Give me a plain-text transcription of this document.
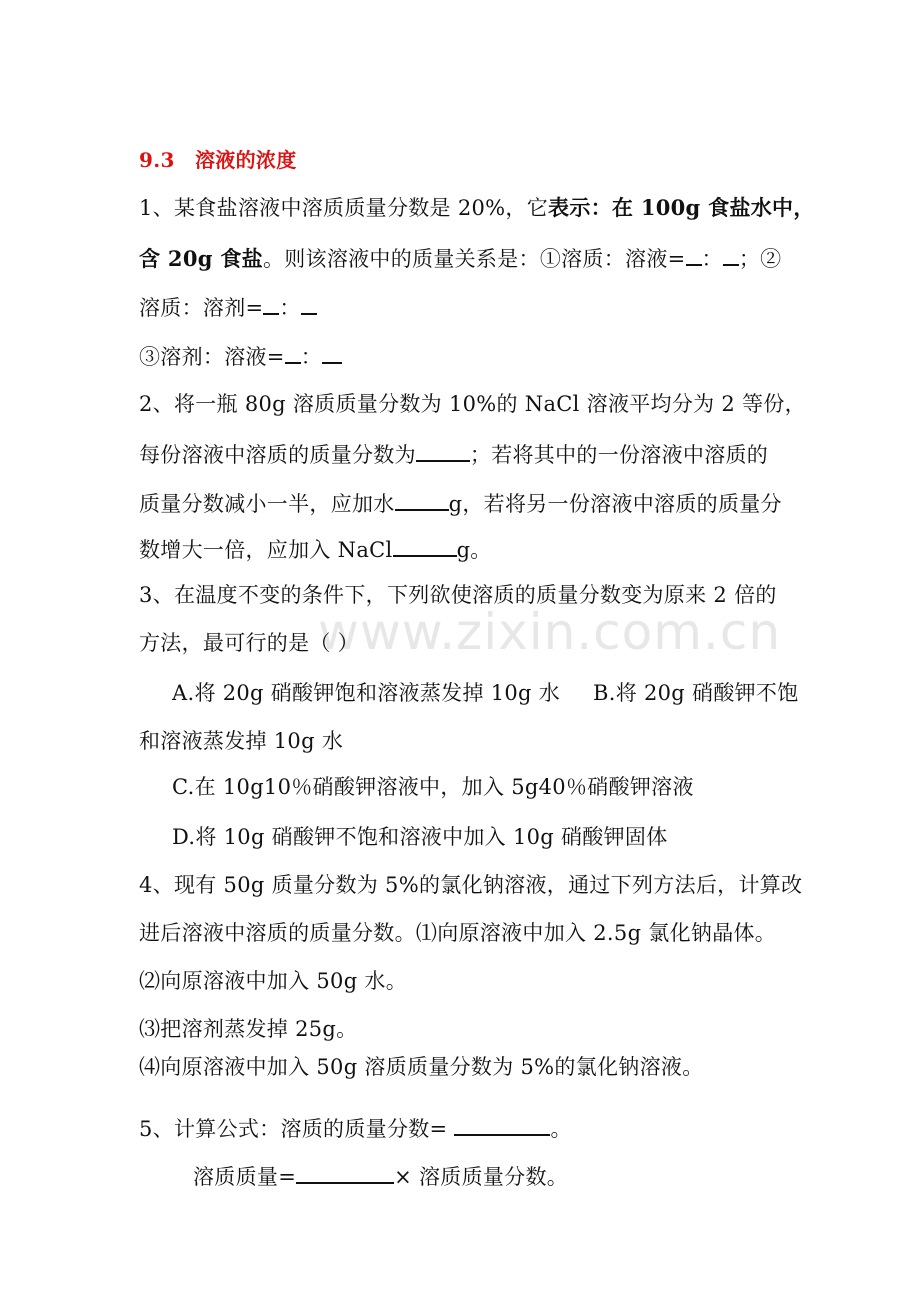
www.zixin.com.cn
9.3　溶液的浓度
1、某食盐溶液中溶质质量分数是 20%，它表示：在 100g 食盐水中，
含 20g 食盐。则该溶液中的质量关系是：①溶质：溶液= ： ；②
溶质：溶剂= ：
③溶剂：溶液= ：
2、将一瓶 80g 溶质质量分数为 10%的 NaCl 溶液平均分为 2 等份，
每份溶液中溶质的质量分数为	；若将其中的一份溶液中溶质的
质量分数减小一半，应加水	g，若将另一份溶液中溶质的质量分
数增大一倍，应加入 NaCl	g。
3、在温度不变的条件下，下列欲使溶质的质量分数变为原来 2 倍的
方法，最可行的是（ ）
A.将 20g 硝酸钾饱和溶液蒸发掉 10g 水 B.将 20g 硝酸钾不饱
和溶液蒸发掉 10g 水
C.在 10g10％硝酸钾溶液中，加入 5g40％硝酸钾溶液
D.将 10g 硝酸钾不饱和溶液中加入 10g 硝酸钾固体
4、现有 50g 质量分数为 5%的氯化钠溶液，通过下列方法后，计算改
进后溶液中溶质的质量分数。⑴向原溶液中加入 2.5g 氯化钠晶体。
⑵向原溶液中加入 50g 水。
⑶把溶剂蒸发掉 25g。
⑷向原溶液中加入 50g 溶质质量分数为 5%的氯化钠溶液。
5、计算公式：溶质的质量分数=	。
溶质质量=	× 溶质质量分数。
